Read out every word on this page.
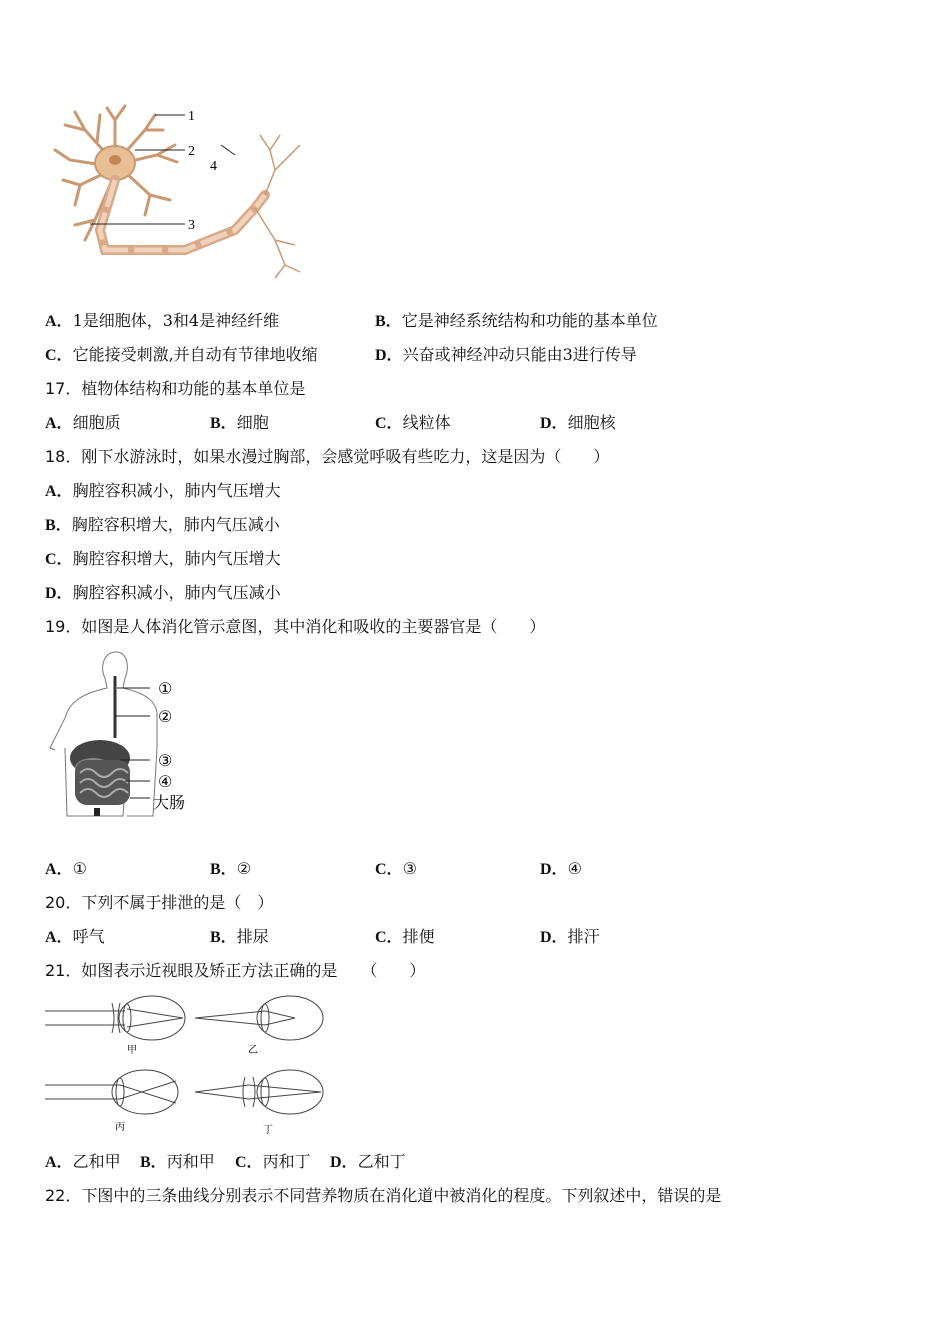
1
2
3
4
A．1是细胞体，3和4是神经纤维	B．它是神经系统结构和功能的基本单位
C．它能接受刺激,并自动有节律地收缩	D．兴奋或神经冲动只能由3进行传导
17．植物体结构和功能的基本单位是
A．细胞质	B．细胞	C．线粒体	D．细胞核
18．刚下水游泳时，如果水漫过胸部，会感觉呼吸有些吃力，这是因为（　　）
A．胸腔容积减小，肺内气压增大
B．胸腔容积增大，肺内气压减小
C．胸腔容积增大，肺内气压增大
D．胸腔容积减小，肺内气压减小
19．如图是人体消化管示意图，其中消化和吸收的主要器官是（　　）
①
②
③
④
大肠
A．①	B．②	C．③	D．④
20．下列不属于排泄的是（　）
A．呼气	B．排尿	C．排便	D．排汗
21．如图表示近视眼及矫正方法正确的是　　（　　）
甲	乙
丙	丁
A．乙和甲 B．丙和甲 C．丙和丁 D．乙和丁
22．下图中的三条曲线分别表示不同营养物质在消化道中被消化的程度。下列叙述中，错误的是
